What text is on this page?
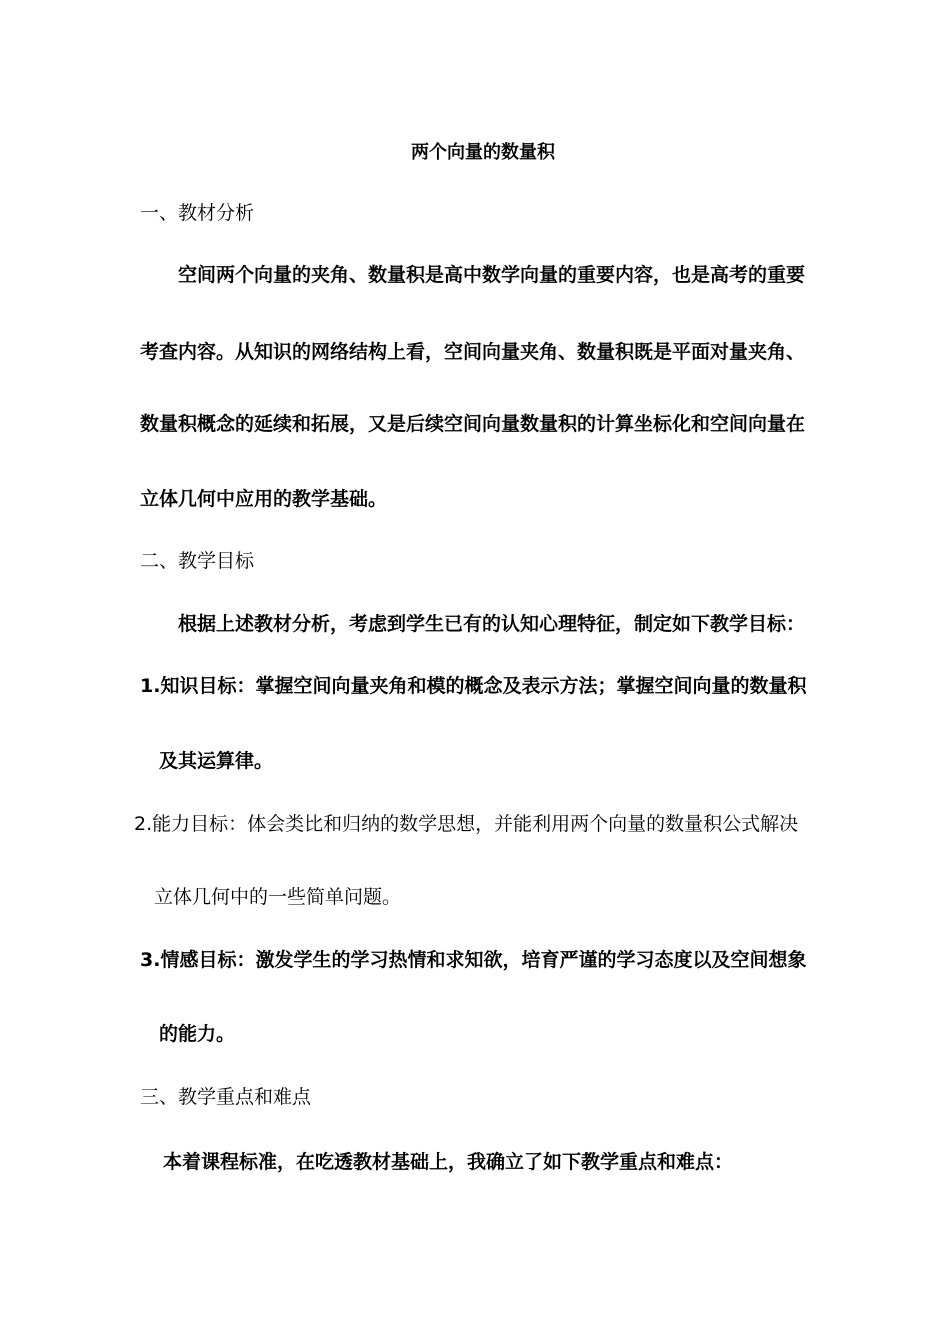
两个向量的数量积
一、教材分析
空间两个向量的夹角、数量积是高中数学向量的重要内容，也是高考的重要
考查内容。从知识的网络结构上看，空间向量夹角、数量积既是平面对量夹角、
数量积概念的延续和拓展，又是后续空间向量数量积的计算坐标化和空间向量在
立体几何中应用的教学基础。
二、教学目标
根据上述教材分析，考虑到学生已有的认知心理特征，制定如下教学目标：
1.知识目标：掌握空间向量夹角和模的概念及表示方法；掌握空间向量的数量积
及其运算律。
2.能力目标：体会类比和归纳的数学思想，并能利用两个向量的数量积公式解决
立体几何中的一些简单问题。
3.情感目标：激发学生的学习热情和求知欲，培育严谨的学习态度以及空间想象
的能力。
三、教学重点和难点
本着课程标准，在吃透教材基础上，我确立了如下教学重点和难点：
